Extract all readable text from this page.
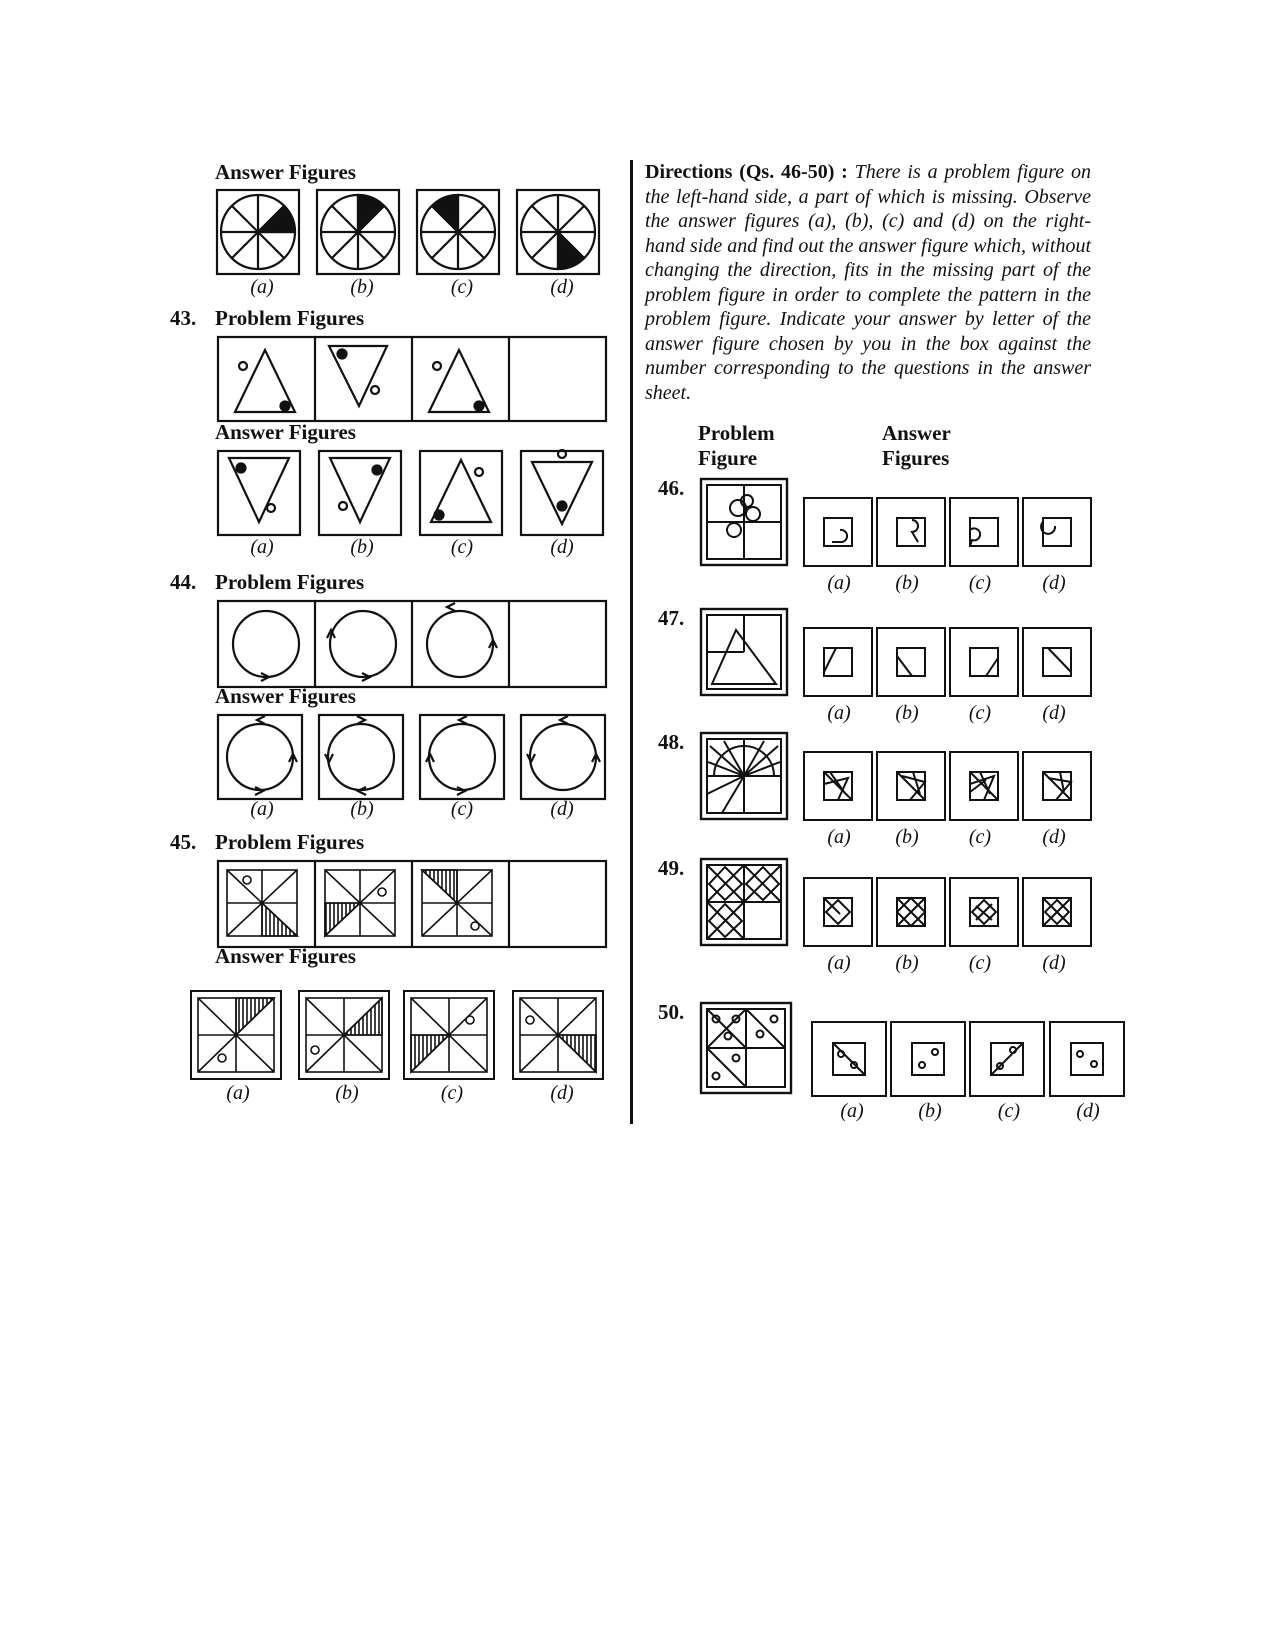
Answer Figures
(a)	(b)	(c)	(d)
43. Problem Figures
Answer Figures
(a)	(b)	(c)	(d)
44. Problem Figures
Answer Figures
(a)	(b)	(c)	(d)
45. Problem Figures
Answer Figures
(a)	(b)	(c)	(d)
Directions (Qs. 46-50) : There is a problem figure on the left-hand side, a part of which is missing. Observe the answer figures (a), (b), (c) and (d) on the right-hand side and find out the answer figure which, without changing the direction, fits in the missing part of the problem figure in order to complete the pattern in the problem figure. Indicate your answer by letter of the answer figure chosen by you in the box against the number corresponding to the questions in the answer sheet.
Problem
Figure
Answer
Figures
46.
(a)	(b)	(c)	(d)
47.
(a)	(b)	(c)	(d)
48.
(a)	(b)	(c)	(d)
49.
(a)	(b)	(c)	(d)
50.
(a)	(b)	(c)	(d)
